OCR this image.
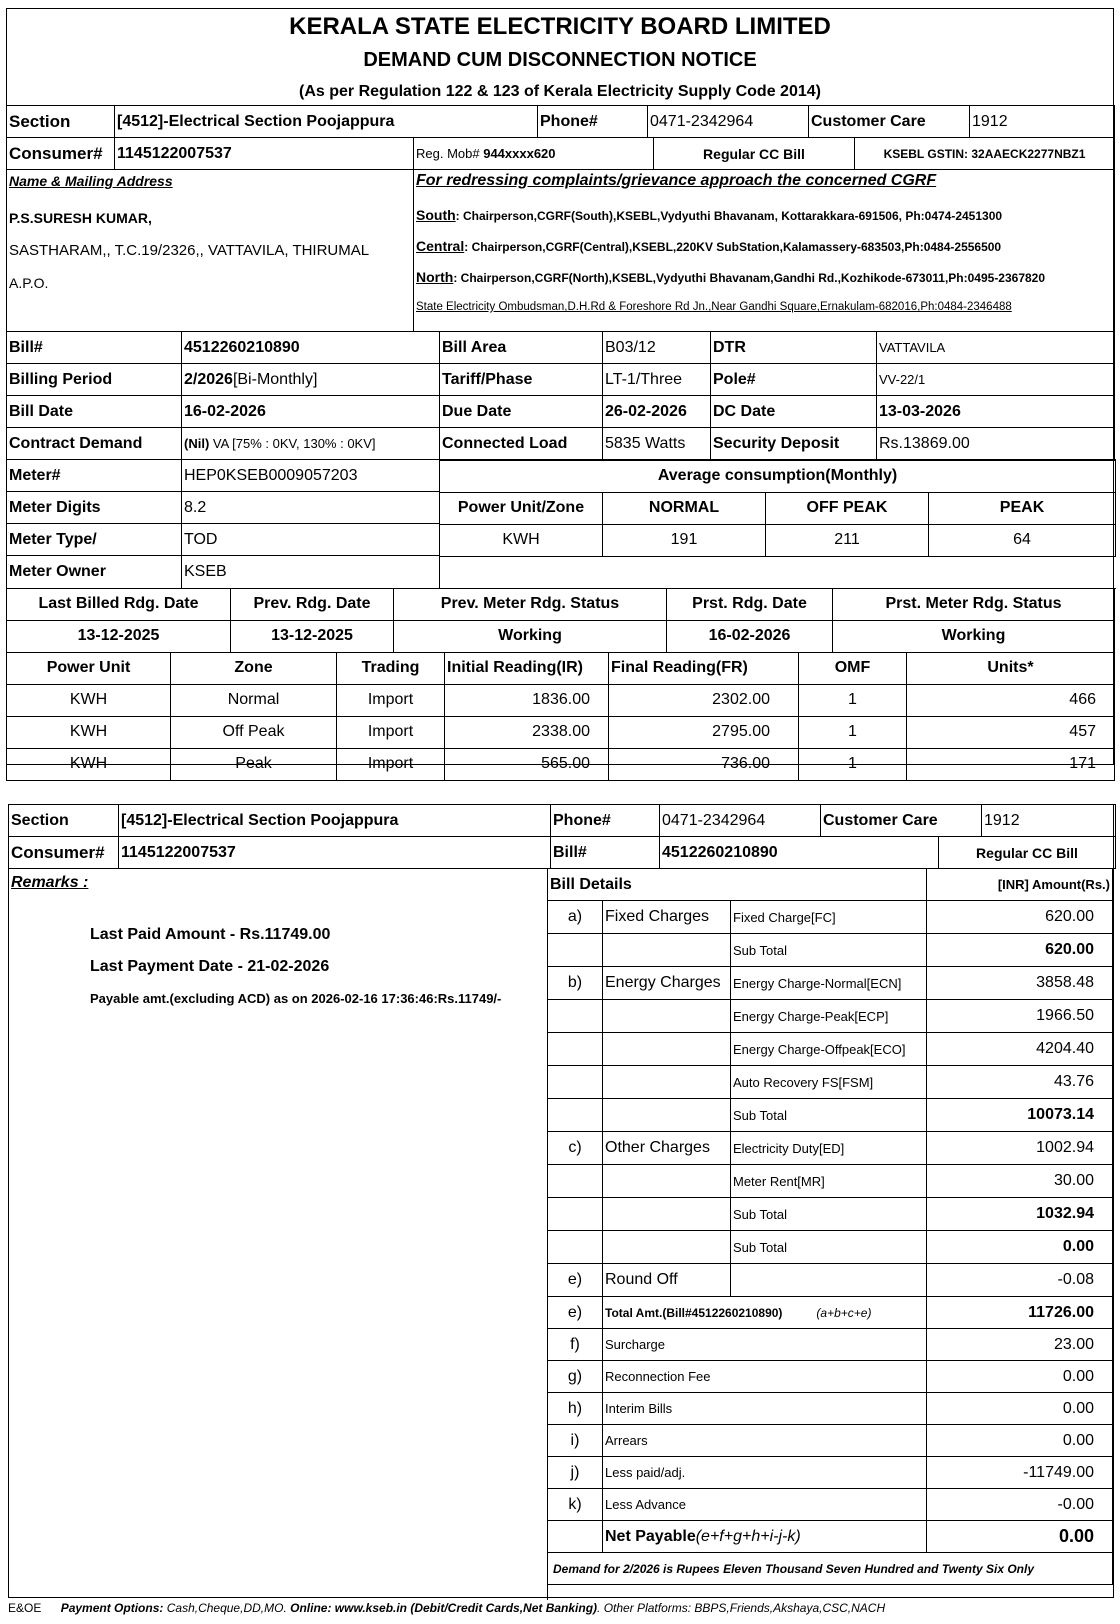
KERALA STATE ELECTRICITY BOARD LIMITED
DEMAND CUM DISCONNECTION NOTICE
(As per Regulation 122 & 123 of Kerala Electricity Supply Code 2014)
Section	[4512]-Electrical Section Poojappura	Phone#	0471-2342964	Customer Care	1912
Consumer#	1145122007537	Reg. Mob# 944xxxx620	Regular CC Bill	KSEBL GSTIN: 32AAECK2277NBZ1
Name & Mailing Address
P.S.SURESH KUMAR,
SASTHARAM,, T.C.19/2326,, VATTAVILA, THIRUMAL
A.P.O.

For redressing complaints/grievance approach the concerned CGRF
South: Chairperson,CGRF(South),KSEBL,Vydyuthi Bhavanam, Kottarakkara-691506, Ph:0474-2451300
Central: Chairperson,CGRF(Central),KSEBL,220KV SubStation,Kalamassery-683503,Ph:0484-2556500
North: Chairperson,CGRF(North),KSEBL,Vydyuthi Bhavanam,Gandhi Rd.,Kozhikode-673011,Ph:0495-2367820
State Electricity Ombudsman,D.H.Rd & Foreshore Rd Jn.,Near Gandhi Square,Ernakulam-682016,Ph:0484-2346488
Bill#	4512260210890	Bill Area	B03/12	DTR	VATTAVILA
Billing Period	2/2026[Bi-Monthly]	Tariff/Phase	LT-1/Three	Pole#	VV-22/1
Bill Date	16-02-2026	Due Date	26-02-2026	DC Date	13-03-2026
Contract Demand	(Nil) VA [75% : 0KV, 130% : 0KV]	Connected Load	5835 Watts	Security Deposit	Rs.13869.00
Meter#	HEP0KSEB0009057203
Meter Digits	8.2
Meter Type/	TOD
Meter Owner	KSEB
Average consumption(Monthly)			
Power Unit/Zone	NORMAL	OFF PEAK	PEAK
KWH	191	211	64

Last Billed Rdg. Date	Prev. Rdg. Date	Prev. Meter Rdg. Status	Prst. Rdg. Date	Prst. Meter Rdg. Status
13-12-2025	13-12-2025	Working	16-02-2026	Working
Power Unit	Zone	Trading	Initial Reading(IR)	Final Reading(FR)	OMF	Units*
KWH	Normal	Import	1836.00	2302.00	1	466
KWH	Off Peak	Import	2338.00	2795.00	1	457
KWH	Peak	Import	565.00	736.00	1	171
Section	[4512]-Electrical Section Poojappura	Phone#	0471-2342964	Customer Care	1912
Consumer#	1145122007537	Bill#	4512260210890	Regular CC Bill
Remarks :
Last Paid Amount - Rs.11749.00
Last Payment Date - 21-02-2026
Payable amt.(excluding ACD) as on 2026-02-16 17:36:46:Rs.11749/-
Bill Details			[INR] Amount(Rs.)
a)	Fixed Charges	Fixed Charge[FC]	620.00
		Sub Total	620.00
b)	Energy Charges	Energy Charge-Normal[ECN]	3858.48
		Energy Charge-Peak[ECP]	1966.50
		Energy Charge-Offpeak[ECO]	4204.40
		Auto Recovery FS[FSM]	43.76
		Sub Total	10073.14
c)	Other Charges	Electricity Duty[ED]	1002.94
		Meter Rent[MR]	30.00
		Sub Total	1032.94
		Sub Total	0.00
e)	Round Off		-0.08
e)	Total Amt.(Bill#4512260210890)	(a+b+c+e)	11726.00
f)	Surcharge	23.00
g)	Reconnection Fee	0.00
h)	Interim Bills	0.00
i)	Arrears	0.00
j)	Less paid/adj.	-11749.00
k)	Less Advance	-0.00
	Net Payable(e+f+g+h+i-j-k)	0.00
Demand for 2/2026 is Rupees Eleven Thousand Seven Hundred and Twenty Six Only
E&OE Payment Options: Cash,Cheque,DD,MO. Online: www.kseb.in (Debit/Credit Cards,Net Banking). Other Platforms: BBPS,Friends,Akshaya,CSC,NACH
